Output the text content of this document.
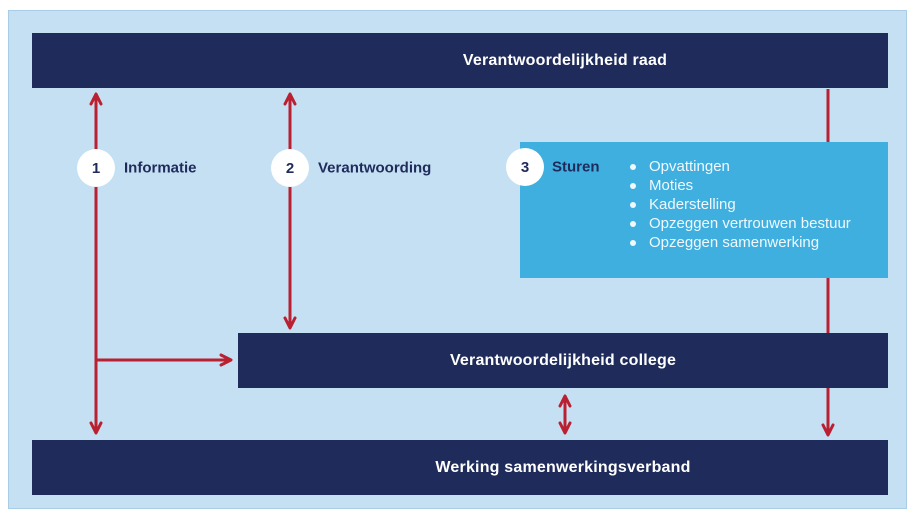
Opvattingen
Moties
Kaderstelling
Opzeggen vertrouwen bestuur
Opzeggen samenwerking
Verantwoordelijkheid raad
Verantwoordelijkheid college
Werking samenwerkingsverband
1 Informatie	2 Verantwoording	3 Sturen
